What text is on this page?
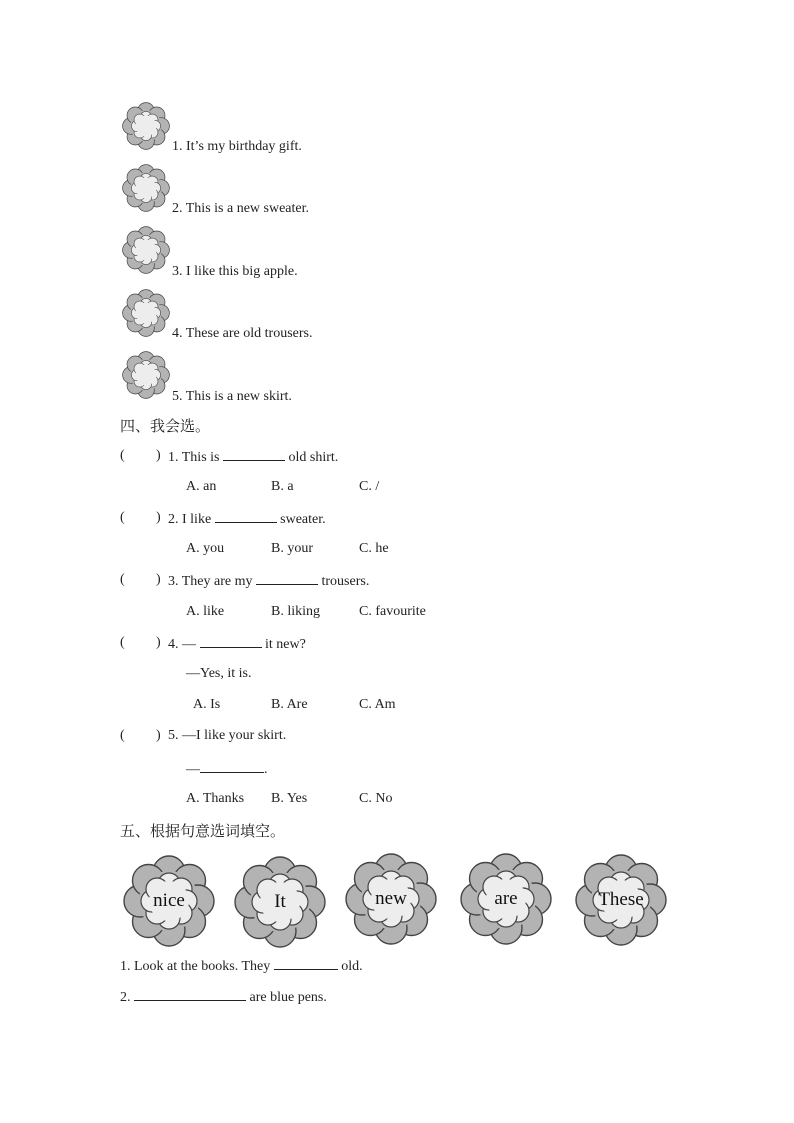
1. It’s my birthday gift.
2. This is a new sweater.
3. I like this big apple.
4. These are old trousers.
5. This is a new skirt.
四、我会选。
( ) 1. This is	old shirt.
A. an	B. a	C. /
( ) 2. I like	sweater.
A. you	B. your	C. he
( ) 3. They are my	trousers.
A. like	B. liking	C. favourite
( ) 4. —	it new?
—Yes, it is.
A. Is	B. Are	C. Am
( ) 5. —I like your skirt.
—	.
A. Thanks B. Yes	C. No
五、根据句意选词填空。
nice	It	new	are	These
1. Look at the books. They	old.
2.	are blue pens.
